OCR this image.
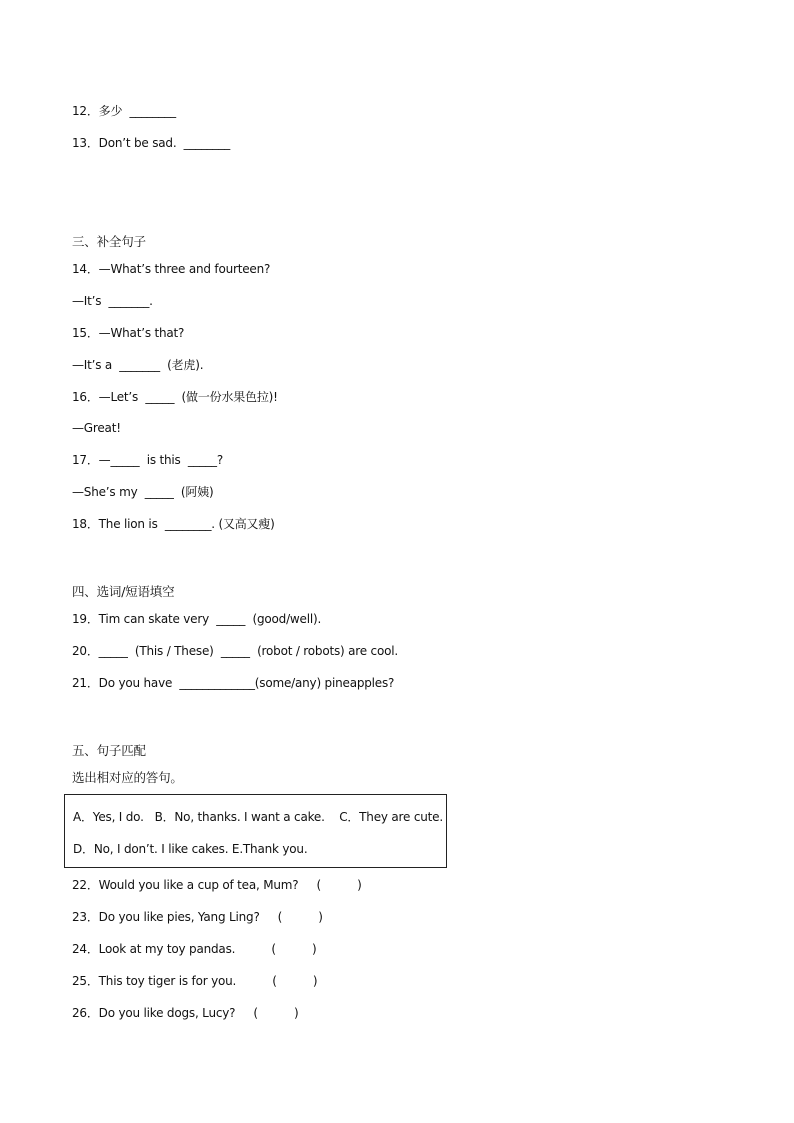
12．多少  ________
13．Don’t be sad.  ________
三、补全句子
14．—What’s three and fourteen?
—It’s  _______.
15．—What’s that?
—It’s a  _______  (老虎).
16．—Let’s  _____  (做一份水果色拉)!
—Great!
17．—_____  is this  _____?
—She’s my  _____  (阿姨)
18．The lion is  ________. (又高又瘦)
四、选词/短语填空
19．Tim can skate very  _____  (good/well).
20．_____  (This / These)  _____  (robot / robots) are cool.
21．Do you have  _____________(some/any) pineapples?
五、句子匹配
选出相对应的答句。
A．Yes, I do.   B．No, thanks. I want a cake.    C．They are cute.
D．No, I don’t. I like cakes. E.Thank you.
22．Would you like a cup of tea, Mum?     (          )
23．Do you like pies, Yang Ling?     (          )
24．Look at my toy pandas.          (          )
25．This toy tiger is for you.          (          )
26．Do you like dogs, Lucy?     (          )
